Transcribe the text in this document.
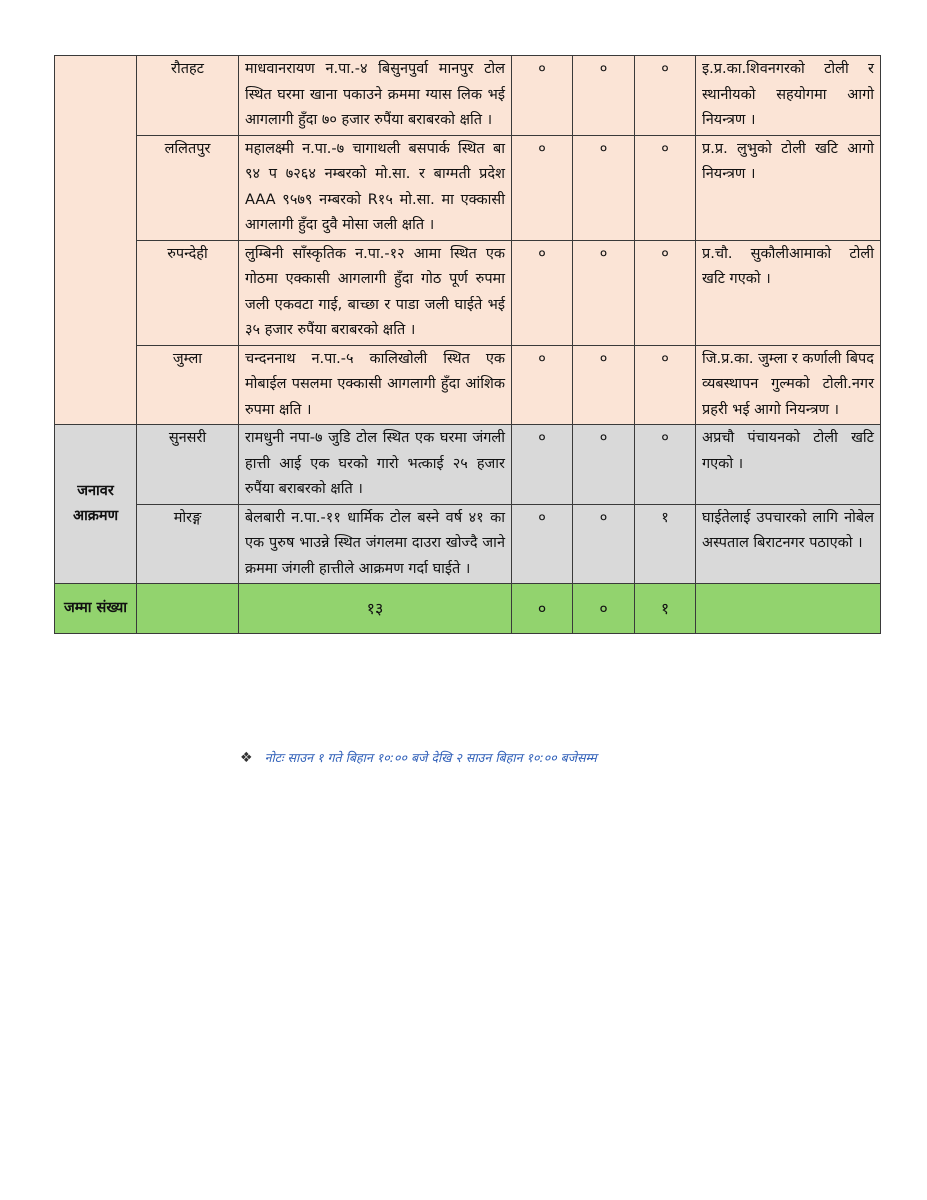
	रौतहट	माधवानरायण न.पा.-४ बिसुनपुर्वा मानपुर टोल स्थित घरमा खाना पकाउने क्रममा ग्यास लिक भई आगलागी हुँदा ७० हजार रुपैंया बराबरको क्षति ।	०	०	०	इ.प्र.का.शिवनगरको टोली र स्थानीयको सहयोगमा आगो नियन्त्रण ।
	ललितपुर	महालक्ष्मी न.पा.-७ चागाथली बसपार्क स्थित बा ९४ प ७२६४ नम्बरको मो.सा. र बाग्मती प्रदेश AAA ९५७९ नम्बरको R१५ मो.सा. मा एक्कासी आगलागी हुँदा दुवै मोसा जली क्षति ।	०	०	०	प्र.प्र. लुभुको टोली खटि आगो नियन्त्रण ।
	रुपन्देही	लुम्बिनी साँस्कृतिक न.पा.-१२ आमा स्थित एक गोठमा एक्कासी आगलागी हुँदा गोठ पूर्ण रुपमा जली एकवटा गाई, बाच्छा र पाडा जली घाईते भई ३५ हजार रुपैंया बराबरको क्षति ।	०	०	०	प्र.चौ. सुकौलीआमाको टोली खटि गएको ।
	जुम्ला	चन्दननाथ न.पा.-५ कालिखोली स्थित एक मोबाईल पसलमा एक्कासी आगलागी हुँदा आंशिक रुपमा क्षति ।	०	०	०	जि.प्र.का. जुम्ला र कर्णाली बिपद व्यबस्थापन गुल्मको टोली.नगर प्रहरी भई आगो नियन्त्रण ।
जनावर आक्रमण	सुनसरी	रामधुनी नपा-७ जुडि टोल स्थित एक घरमा जंगली हात्ती आई एक घरको गारो भत्काई २५ हजार रुपैंया बराबरको क्षति ।	०	०	०	अप्रचौ पंचायनको टोली खटि गएको ।
	मोरङ्ग	बेलबारी न.पा.-११ धार्मिक टोल बस्ने वर्ष ४१ का एक पुरुष भाउन्ने स्थित जंगलमा दाउरा खोज्दै जाने क्रममा जंगली हात्तीले आक्रमण गर्दा घाईते ।	०	०	१	घाईतेलाई उपचारको लागि नोबेल अस्पताल बिराटनगर पठाएको ।
जम्मा संख्या		१३	०	०	१	
❖ नोटः साउन १ गते बिहान १०:०० बजे देखि २ साउन बिहान १०:०० बजेसम्म
